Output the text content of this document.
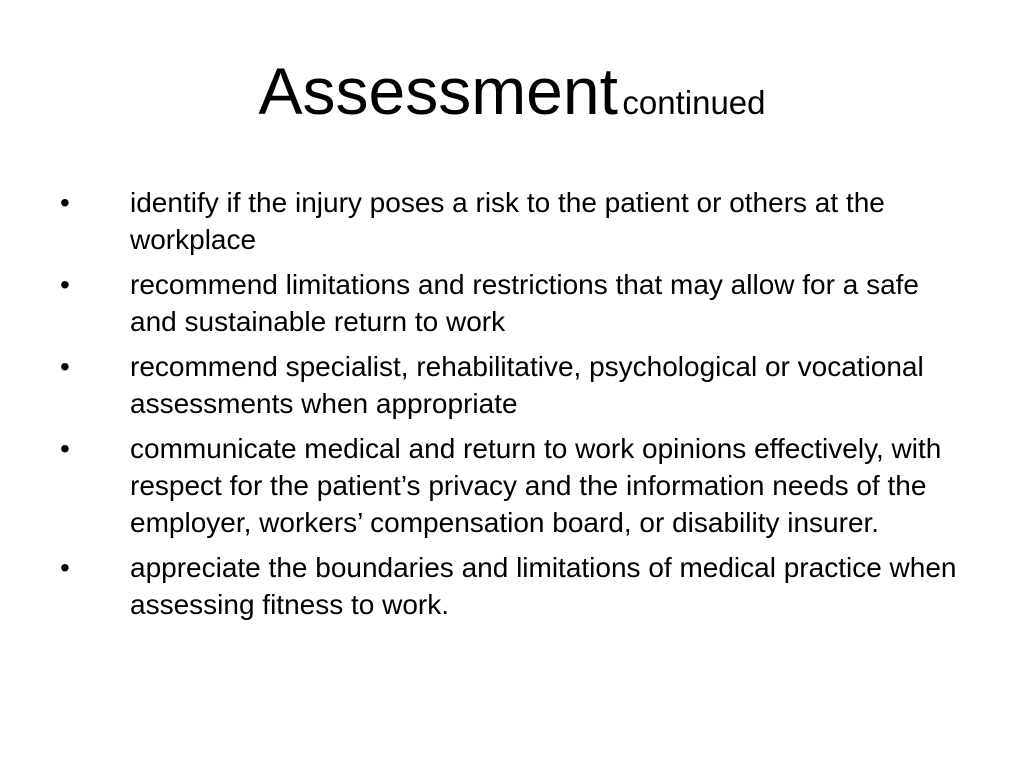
Assessment continued
• identify if the injury poses a risk to the patient or others at the workplace
• recommend limitations and restrictions that may allow for a safe and sustainable return to work
• recommend specialist, rehabilitative, psychological or vocational assessments when appropriate
• communicate medical and return to work opinions effectively, with respect for the patient’s privacy and the information needs of the employer, workers’ compensation board, or disability insurer.
• appreciate the boundaries and limitations of medical practice when assessing fitness to work.
